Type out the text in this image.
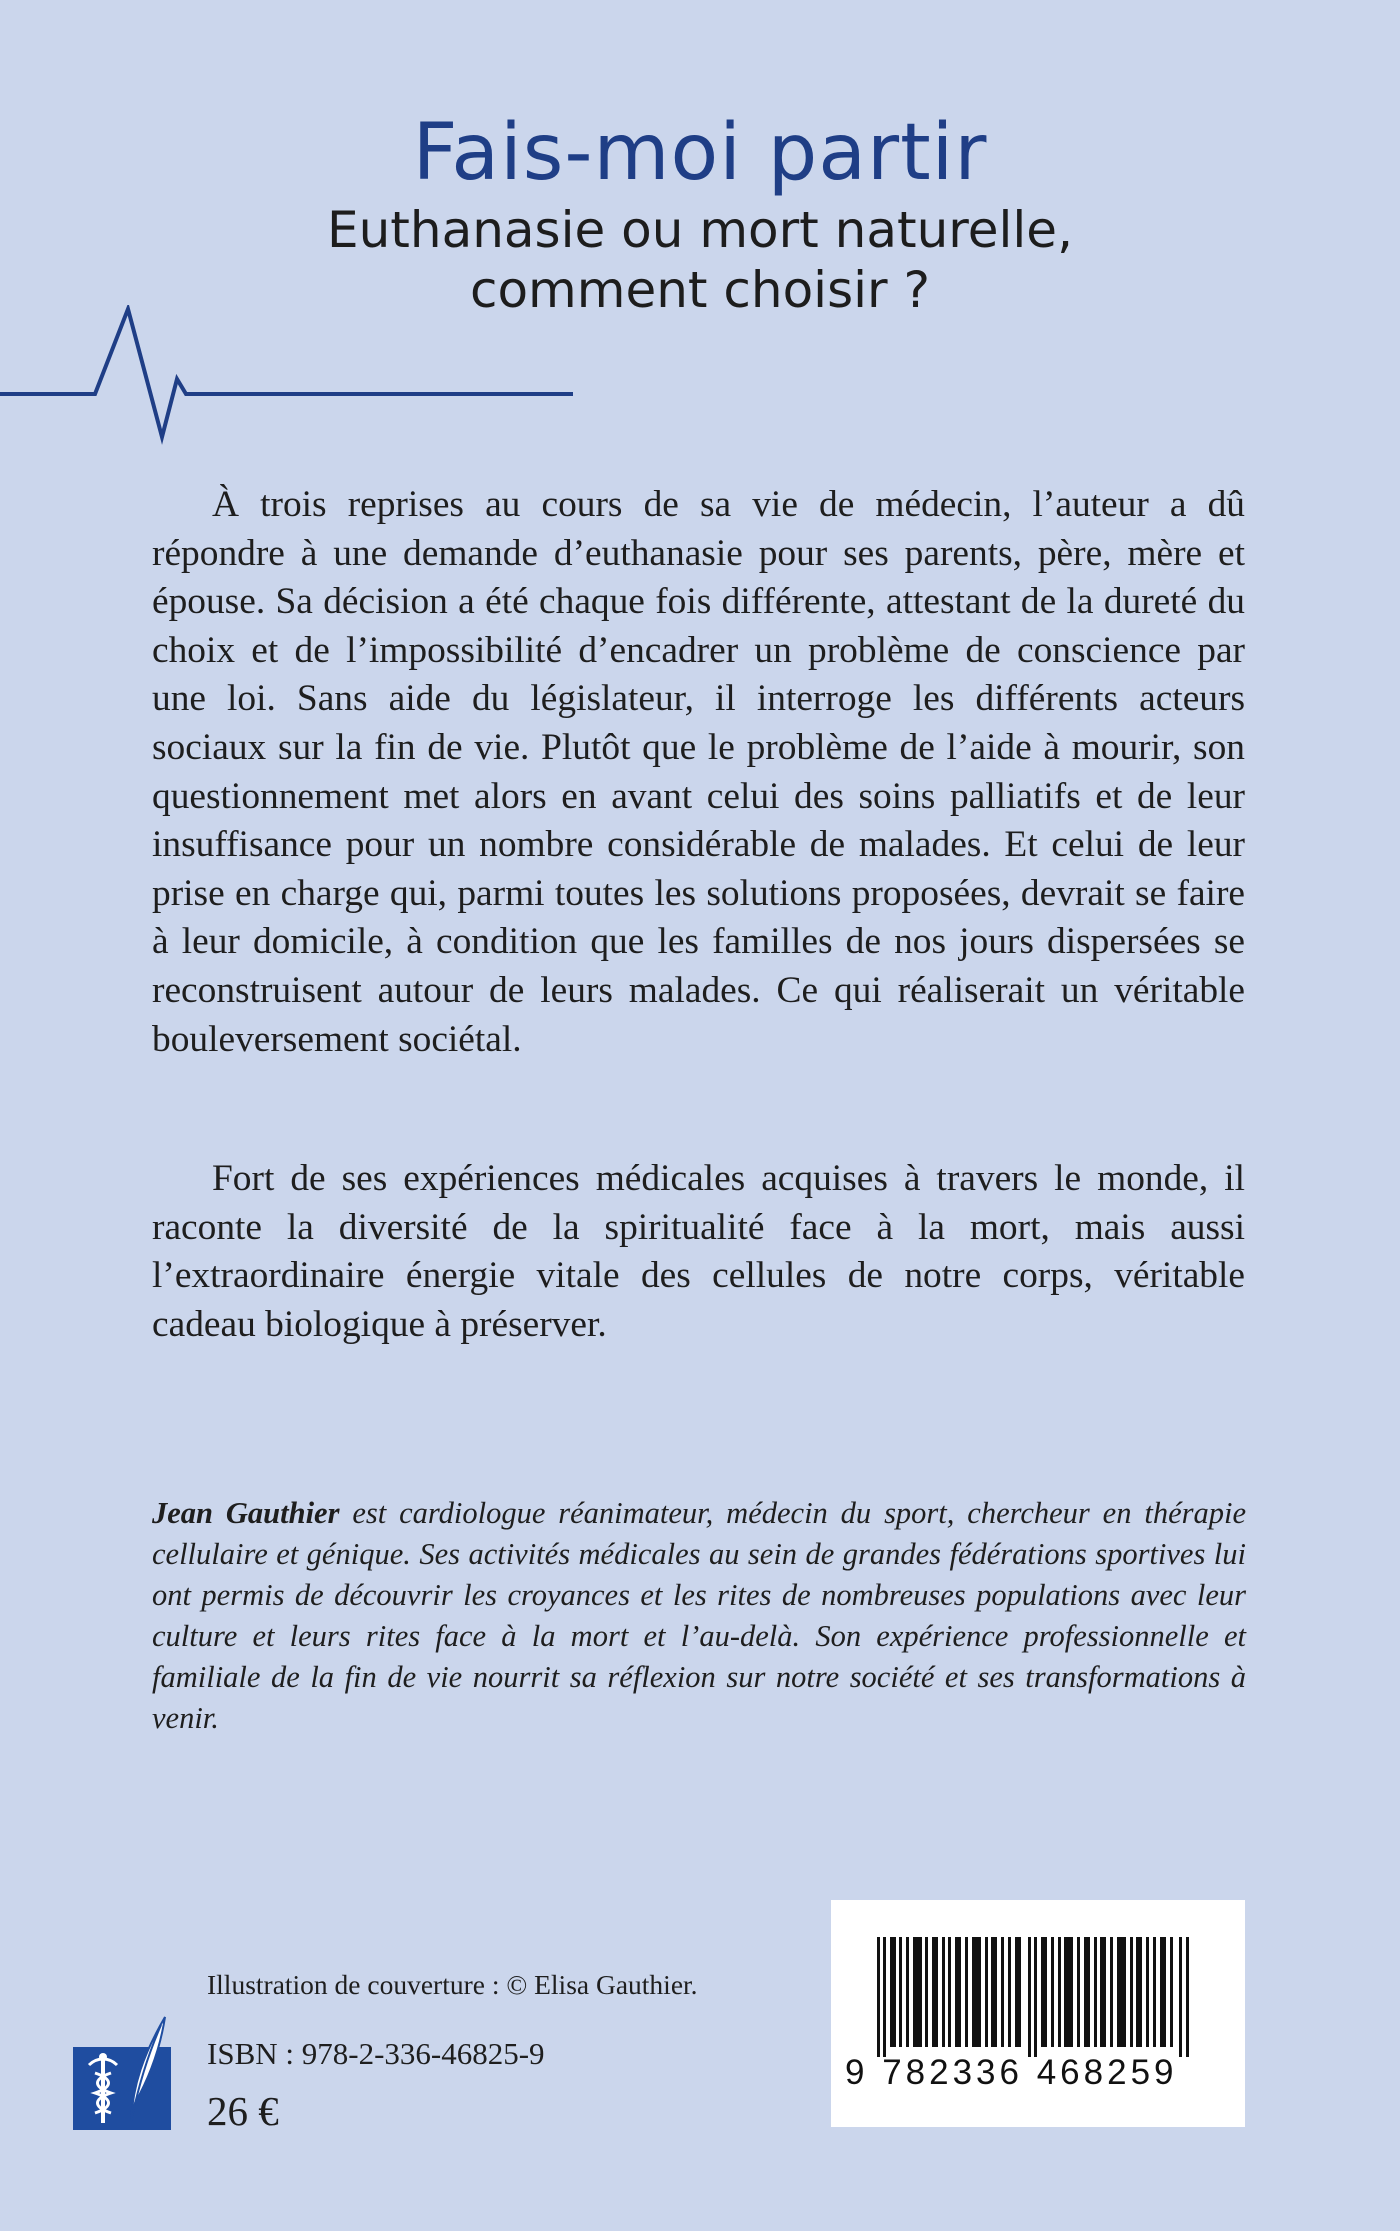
Fais-moi partir
Euthanasie ou mort naturelle,
comment choisir ?

À trois reprises au cours de sa vie de médecin, l’auteur a dû répondre à une demande d’euthanasie pour ses parents, père, mère et épouse. Sa décision a été chaque fois différente, attestant de la dureté du choix et de l’impossibilité d’encadrer un problème de conscience par une loi. Sans aide du législateur, il interroge les différents acteurs sociaux sur la fin de vie. Plutôt que le problème de l’aide à mourir, son questionnement met alors en avant celui des soins palliatifs et de leur insuffisance pour un nombre considérable de malades. Et celui de leur prise en charge qui, parmi toutes les solutions proposées, devrait se faire à leur domicile, à condition que les familles de nos jours dispersées se reconstruisent autour de leurs malades. Ce qui réaliserait un véritable bouleversement sociétal.

Fort de ses expériences médicales acquises à travers le monde, il raconte la diversité de la spiritualité face à la mort, mais aussi l’extraordinaire énergie vitale des cellules de notre corps, véritable cadeau biologique à préserver.

Jean Gauthier est cardiologue réanimateur, médecin du sport, chercheur en thérapie cellulaire et génique. Ses activités médicales au sein de grandes fédérations sportives lui ont permis de découvrir les croyances et les rites de nombreuses populations avec leur culture et leurs rites face à la mort et l’au-delà. Son expérience professionnelle et familiale de la fin de vie nourrit sa réflexion sur notre société et ses transformations à venir.

Illustration de couverture : © Elisa Gauthier.

ISBN : 978-2-336-46825-9

26 €

9 782336 468259
